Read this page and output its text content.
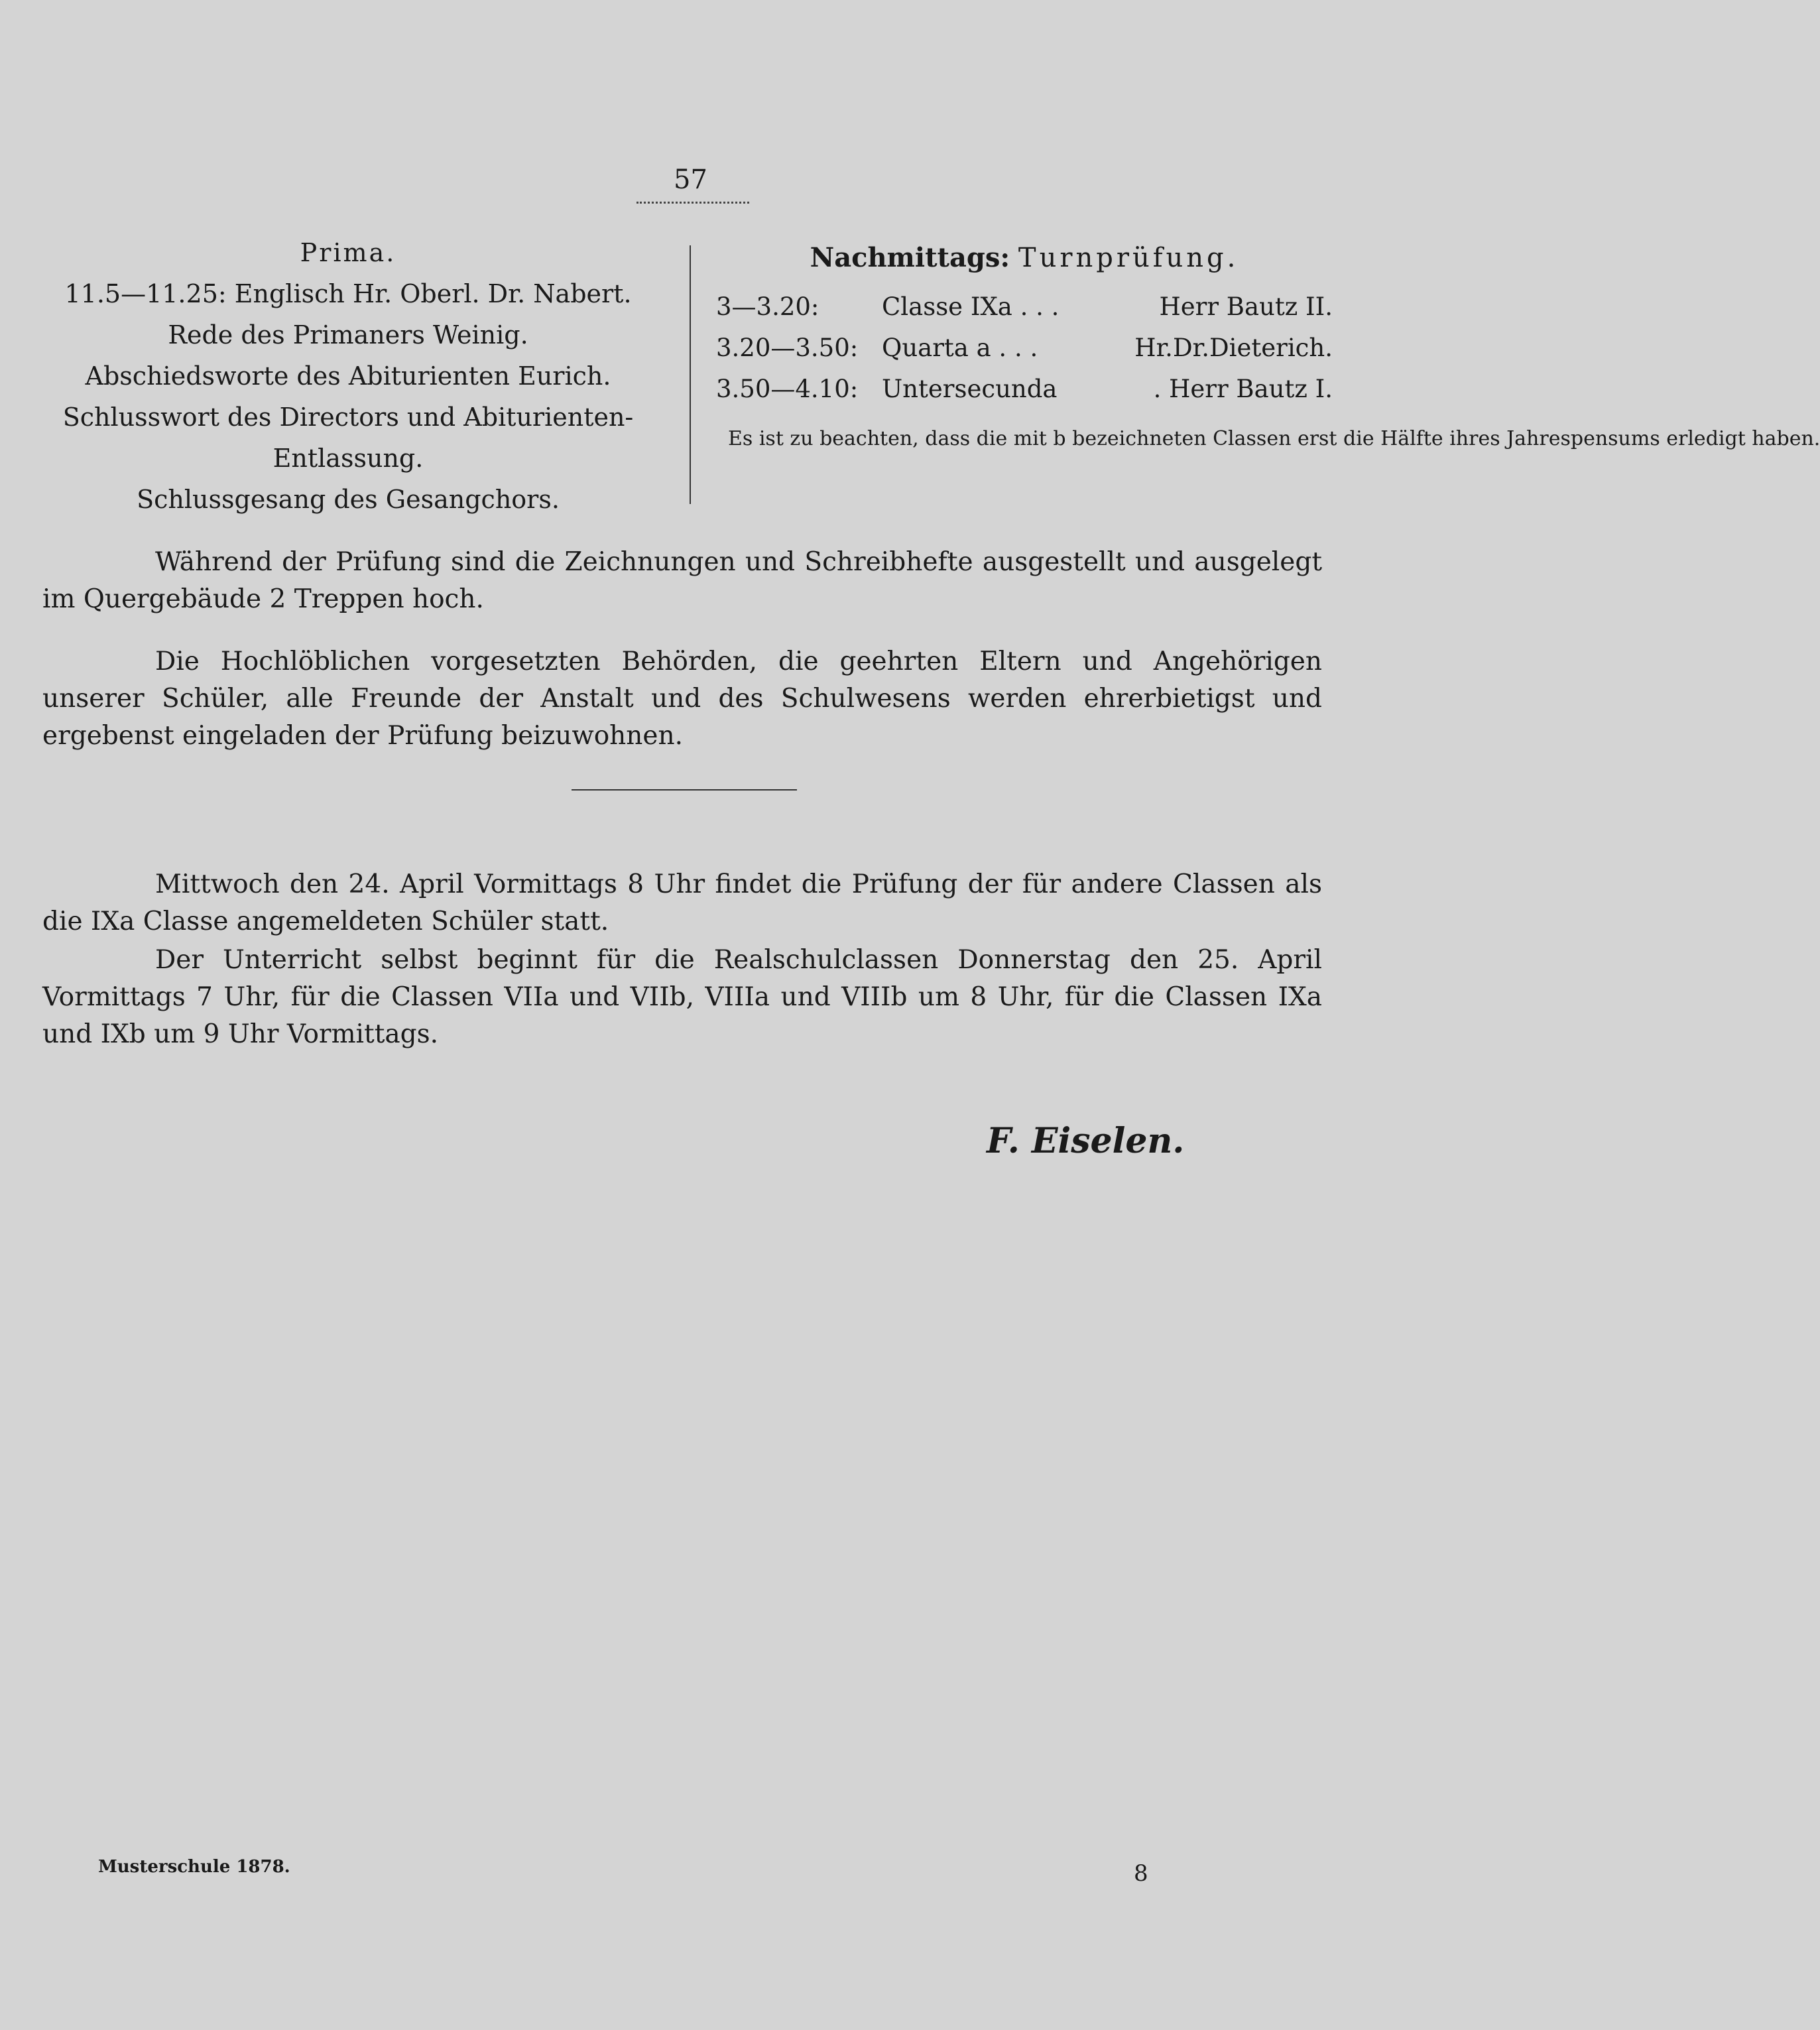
57
Prima.
11.5—11.25: Englisch Hr. Oberl. Dr. Nabert.
Rede des Primaners Weinig.
Abschiedsworte des Abiturienten Eurich.
Schlusswort des Directors und Abiturienten-
Entlassung.
Schlussgesang des Gesangchors.
Nachmittags: Turnprüfung.
3—3.20:	Classe IXa . . .	Herr Bautz II.
3.20—3.50: Quarta a . . .	Hr.Dr.Dieterich.
3.50—4.10: Untersecunda	. Herr Bautz I.
Es ist zu beachten, dass die mit b bezeichneten Classen erst die Hälfte ihres Jahrespensums erledigt haben.
Während der Prüfung sind die Zeichnungen und Schreibhefte ausgestellt und ausgelegt im Quergebäude 2 Treppen hoch.
Die Hochlöblichen vorgesetzten Behörden, die geehrten Eltern und Angehörigen unserer Schüler, alle Freunde der Anstalt und des Schulwesens werden ehrerbietigst und ergebenst eingeladen der Prüfung beizuwohnen.
Mittwoch den 24. April Vormittags 8 Uhr findet die Prüfung der für andere Classen als die IXa Classe angemeldeten Schüler statt.
Der Unterricht selbst beginnt für die Realschulclassen Donnerstag den 25. April Vormittags 7 Uhr, für die Classen VIIa und VIIb, VIIIa und VIIIb um 8 Uhr, für die Classen IXa und IXb um 9 Uhr Vormittags.
F. Eiselen.
Musterschule 1878.	8
